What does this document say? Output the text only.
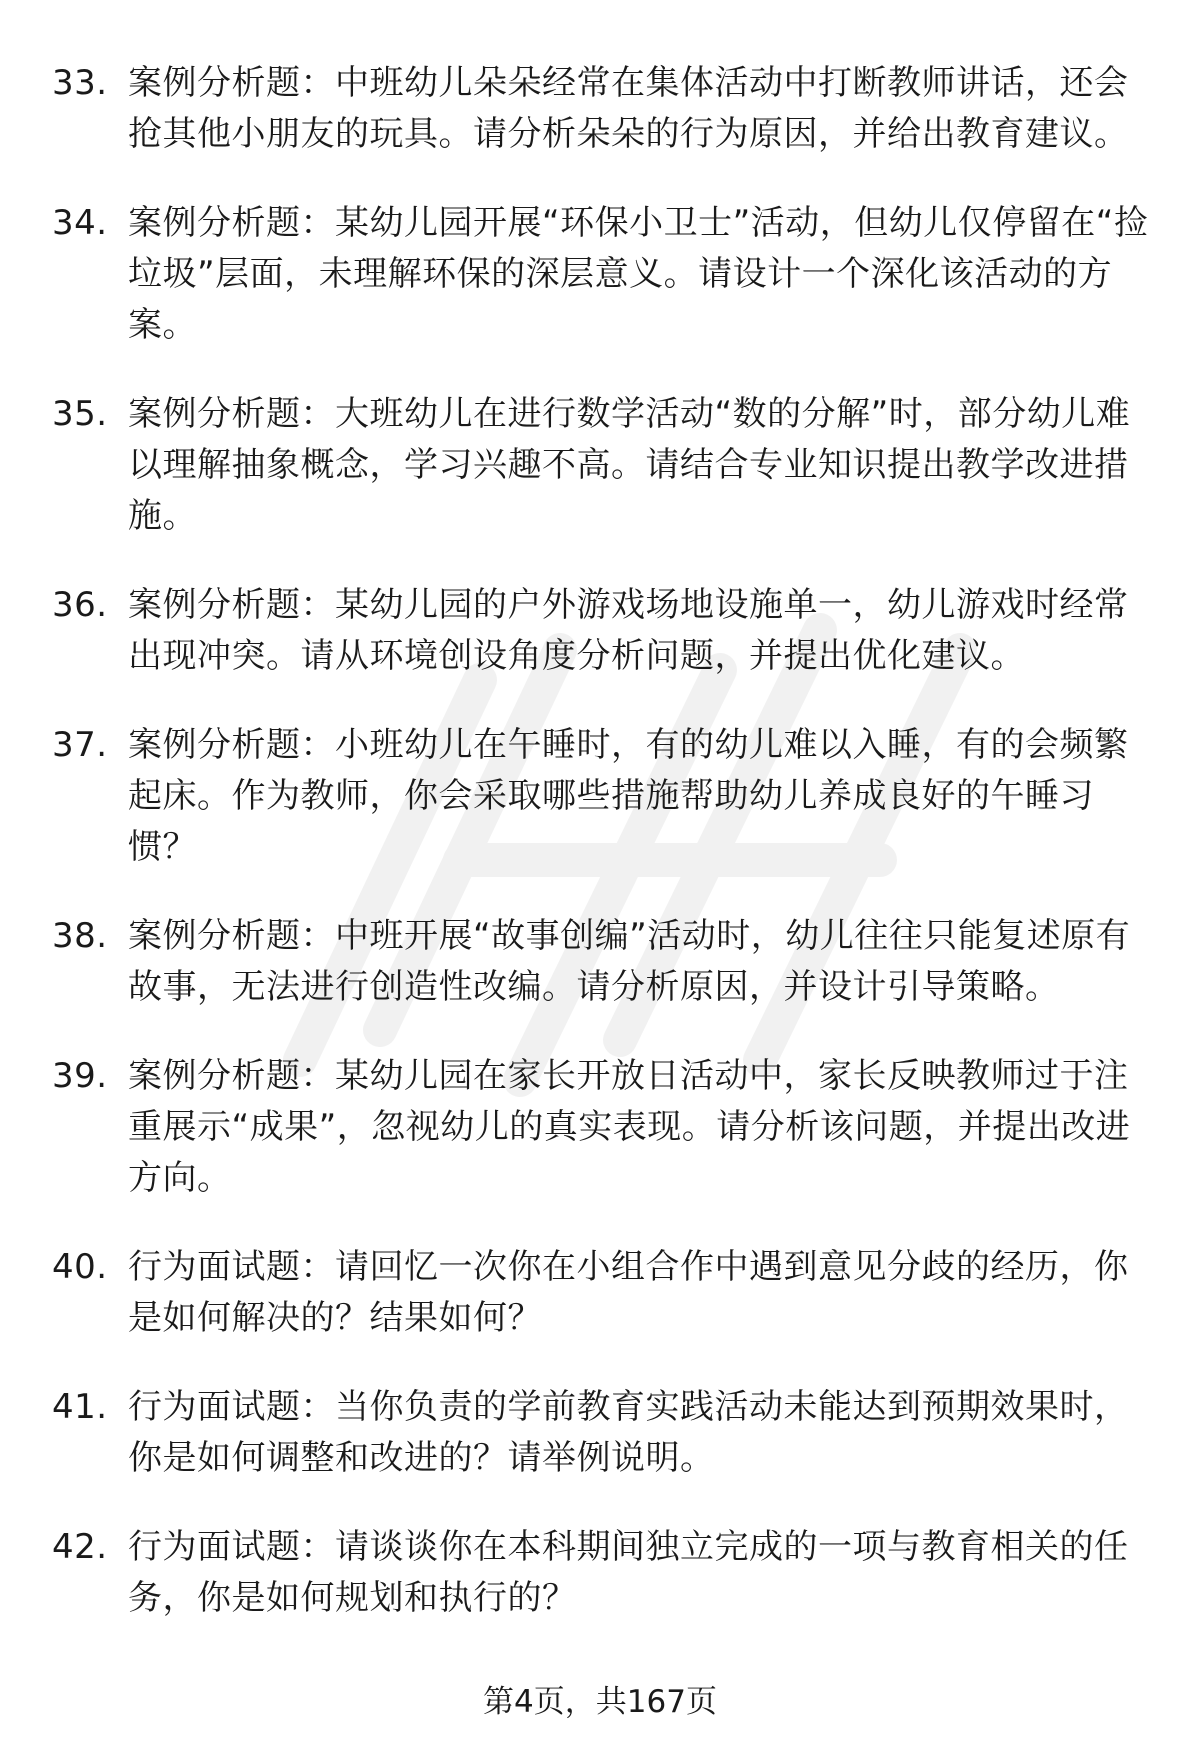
33. 案例分析题：中班幼儿朵朵经常在集体活动中打断教师讲话，还会抢其他小朋友的玩具。请分析朵朵的行为原因，并给出教育建议。
34. 案例分析题：某幼儿园开展“环保小卫士”活动，但幼儿仅停留在“捡垃圾”层面，未理解环保的深层意义。请设计一个深化该活动的方案。
35. 案例分析题：大班幼儿在进行数学活动“数的分解”时，部分幼儿难以理解抽象概念，学习兴趣不高。请结合专业知识提出教学改进措施。
36. 案例分析题：某幼儿园的户外游戏场地设施单一，幼儿游戏时经常出现冲突。请从环境创设角度分析问题，并提出优化建议。
37. 案例分析题：小班幼儿在午睡时，有的幼儿难以入睡，有的会频繁起床。作为教师，你会采取哪些措施帮助幼儿养成良好的午睡习惯？
38. 案例分析题：中班开展“故事创编”活动时，幼儿往往只能复述原有故事，无法进行创造性改编。请分析原因，并设计引导策略。
39. 案例分析题：某幼儿园在家长开放日活动中，家长反映教师过于注重展示“成果”，忽视幼儿的真实表现。请分析该问题，并提出改进方向。
40. 行为面试题：请回忆一次你在小组合作中遇到意见分歧的经历，你是如何解决的？结果如何？
41. 行为面试题：当你负责的学前教育实践活动未能达到预期效果时，你是如何调整和改进的？请举例说明。
42. 行为面试题：请谈谈你在本科期间独立完成的一项与教育相关的任务，你是如何规划和执行的？
第4页，共167页
